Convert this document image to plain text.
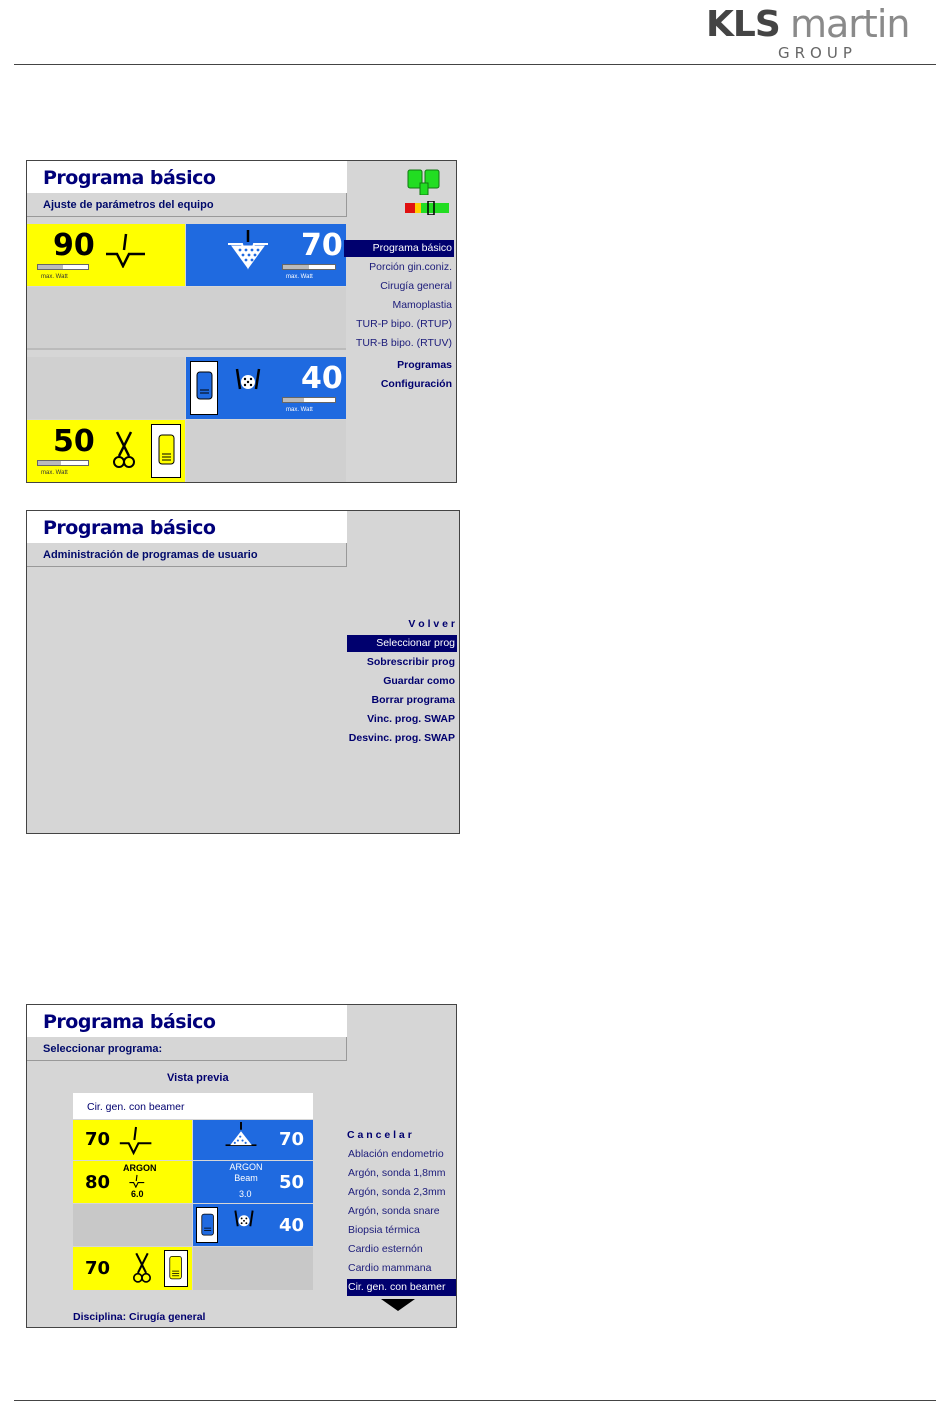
KLS martin
GROUP
Programa básico
Ajuste de parámetros del equipo
90
max. Watt
70
max. Watt
40
max. Watt
50
max. Watt
Programa básico
Porción gin.coniz.
Cirugía general
Mamoplastia
TUR-P bipo. (RTUP)
TUR-B bipo. (RTUV)
Programas
Configuración
Programa básico
Administración de programas de usuario
V o l v e r
Seleccionar prog
Sobrescribir prog
Guardar como
Borrar programa
Vinc. prog. SWAP
Desvinc. prog. SWAP
Programa básico
Seleccionar programa:
Vista previa
Cir. gen. con beamer
70	70
80
ARGON
6.0
ARGON
Beam
3.0
50
40
70
Disciplina: Cirugía general
C a n c e l a r
Ablación endometrio
Argón, sonda 1,8mm
Argón, sonda 2,3mm
Argón, sonda snare
Biopsia térmica
Cardio esternón
Cardio mammana
Cir. gen. con beamer
